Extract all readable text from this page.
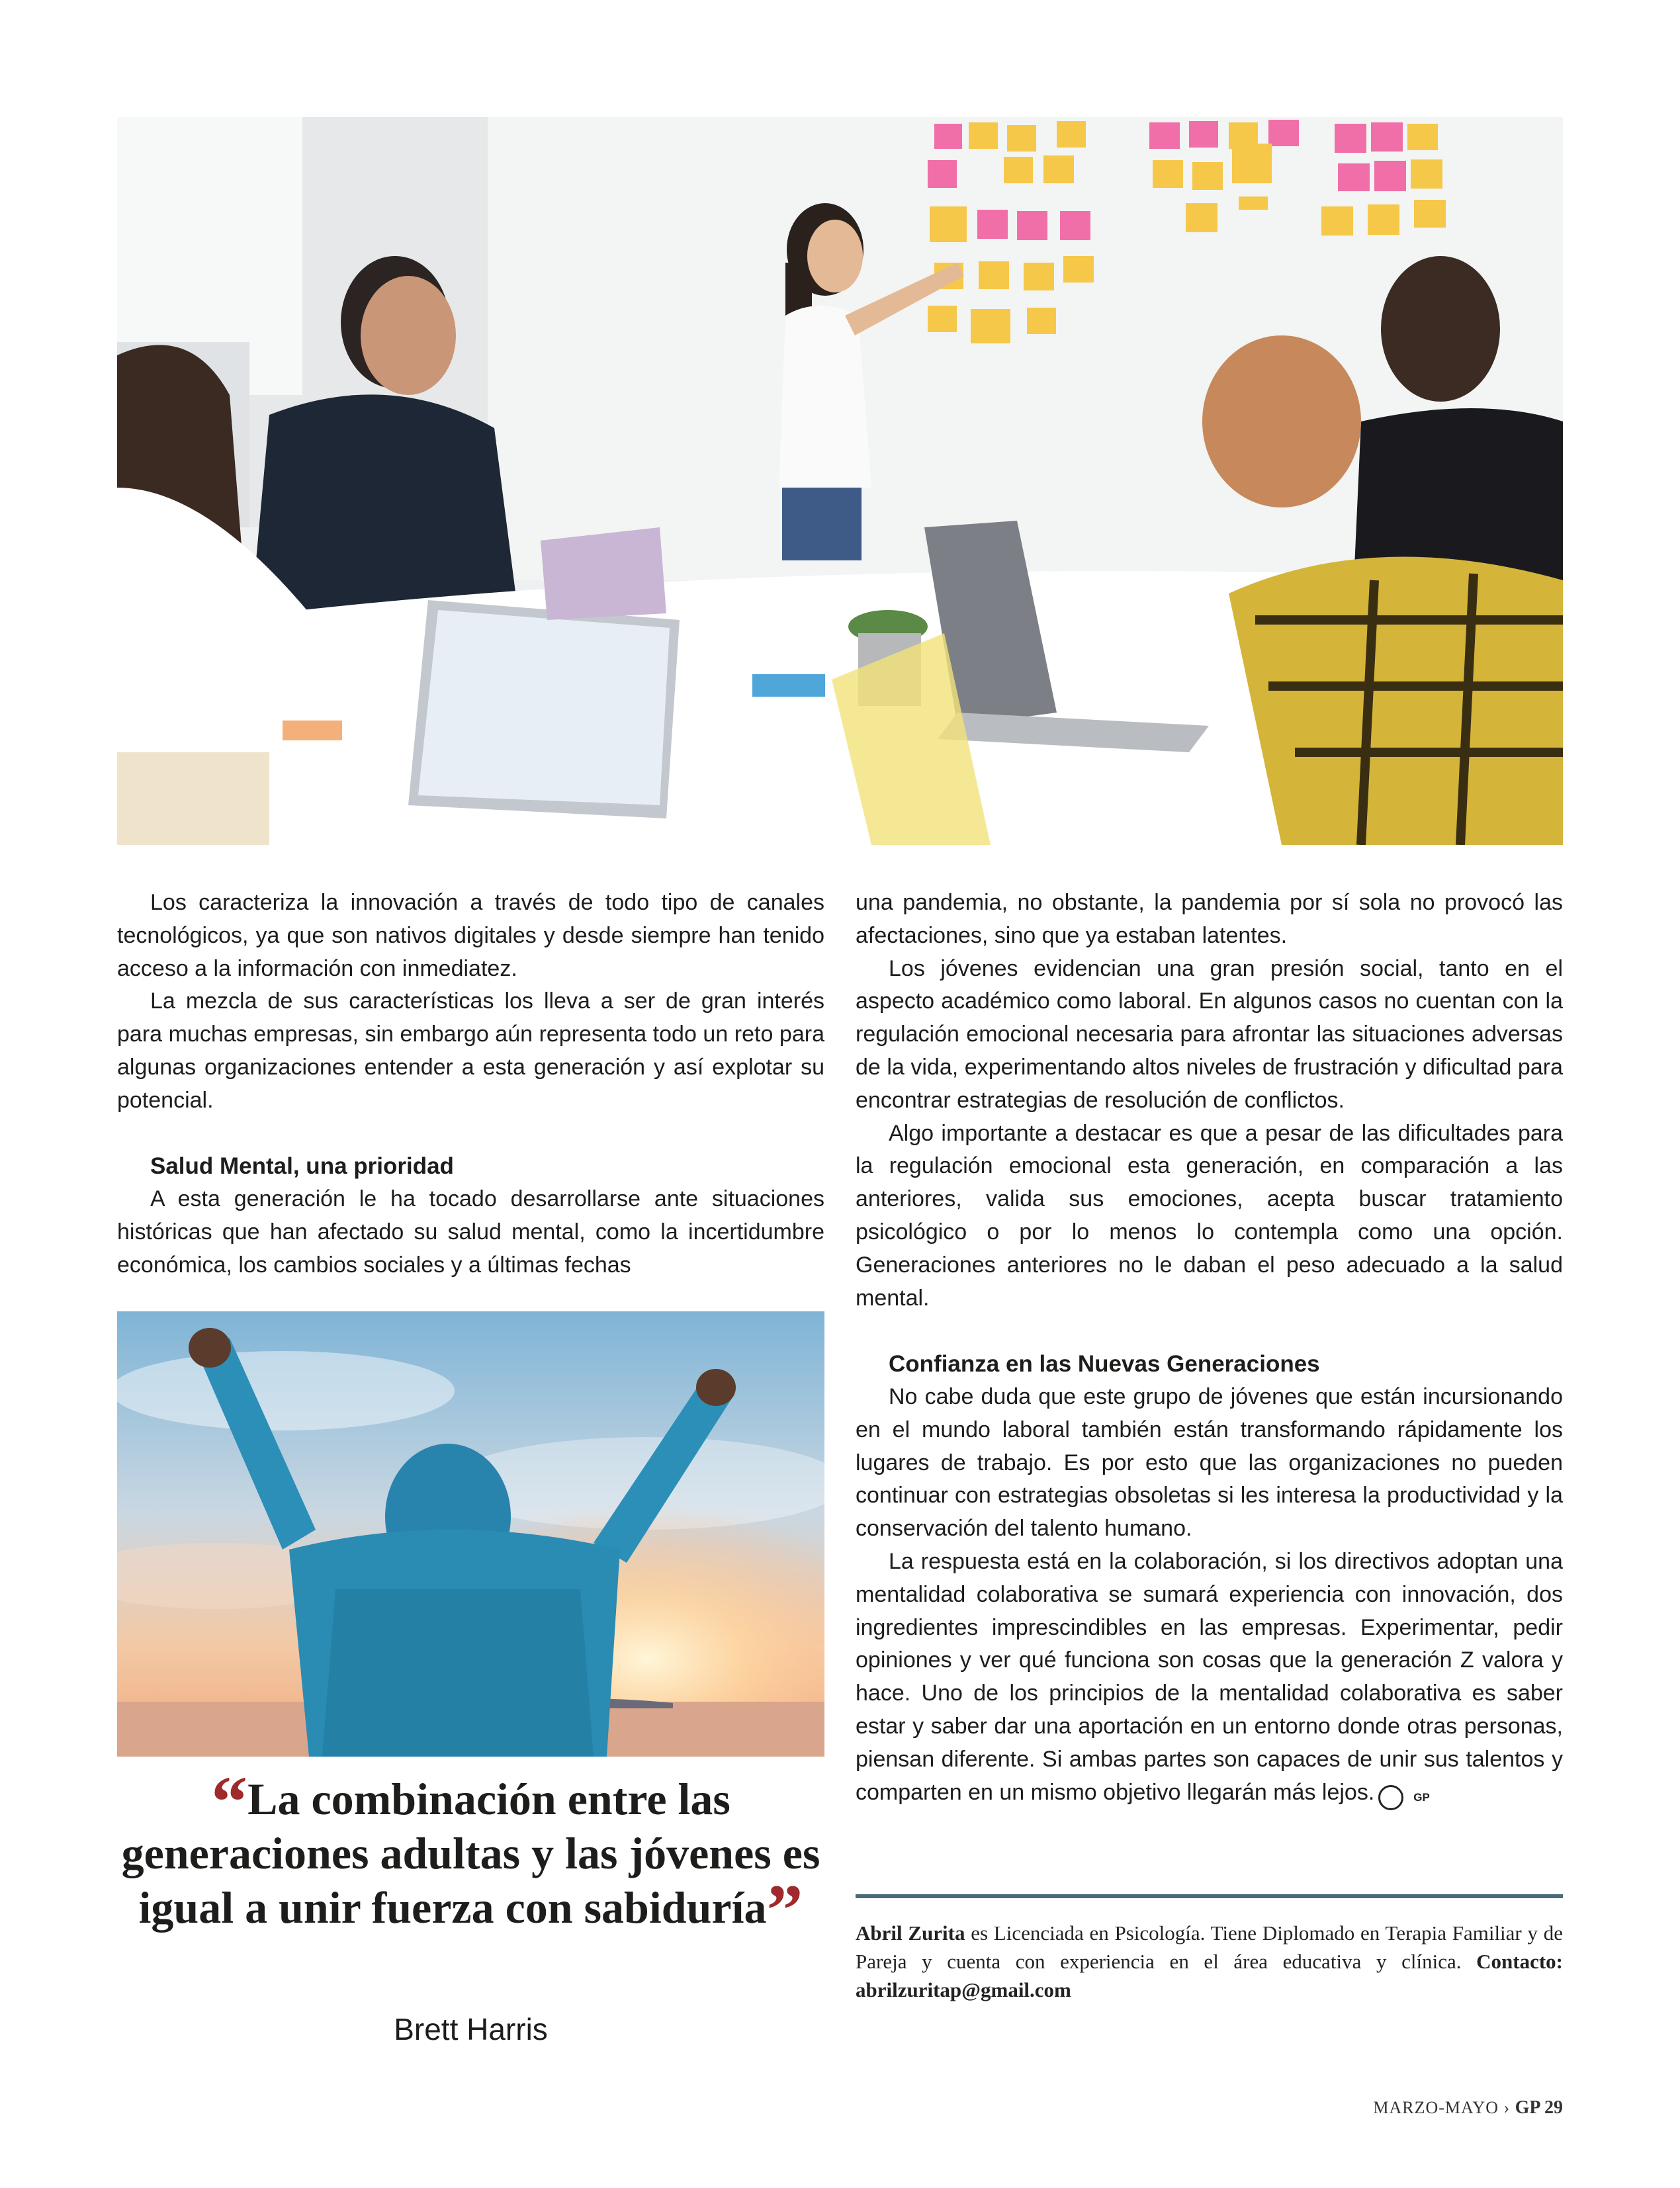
Los caracteriza la innovación a través de todo tipo de canales tecnológicos, ya que son nativos digitales y desde siempre han tenido acceso a la información con inmediatez.

La mezcla de sus características los lleva a ser de gran interés para muchas empresas, sin embargo aún representa todo un reto para algunas organizaciones entender a esta generación y así explotar su potencial.

Salud Mental, una prioridad

A esta generación le ha tocado desarrollarse ante situaciones históricas que han afectado su salud mental, como la incertidumbre económica, los cambios sociales y a últimas fechas

una pandemia, no obstante, la pandemia por sí sola no provocó las afectaciones, sino que ya estaban latentes.

Los jóvenes evidencian una gran presión social, tanto en el aspecto académico como laboral. En algunos casos no cuentan con la regulación emocional necesaria para afrontar las situaciones adversas de la vida, experimentando altos niveles de frustración y dificultad para encontrar estrategias de resolución de conflictos.

Algo importante a destacar es que a pesar de las dificultades para la regulación emocional esta generación, en comparación a las anteriores, valida sus emociones, acepta buscar tratamiento psicológico o por lo menos lo contempla como una opción. Generaciones anteriores no le daban el peso adecuado a la salud mental.

Confianza en las Nuevas Generaciones

No cabe duda que este grupo de jóvenes que están incursionando en el mundo laboral también están transformando rápidamente los lugares de trabajo. Es por esto que las organizaciones no pueden continuar con estrategias obsoletas si les interesa la productividad y la conservación del talento humano.

La respuesta está en la colaboración, si los directivos adoptan una mentalidad colaborativa se sumará experiencia con innovación, dos ingredientes imprescindibles en las empresas. Experimentar, pedir opiniones y ver qué funciona son cosas que la generación Z valora y hace. Uno de los principios de la mentalidad colaborativa es saber estar y saber dar una aportación en un entorno donde otras personas, piensan diferente. Si ambas partes son capaces de unir sus talentos y comparten en un mismo objetivo llegarán más lejos.	GP

“La combinación entre las generaciones adultas y las jóvenes es igual a unir fuerza con sabiduría”
Brett Harris
Abril Zurita es Licenciada en Psicología. Tiene Diplomado en Terapia Familiar y de Pareja y cuenta con experiencia en el área educativa y clínica. Contacto: abrilzuritap@gmail.com
MARZO-MAYO › GP 29
